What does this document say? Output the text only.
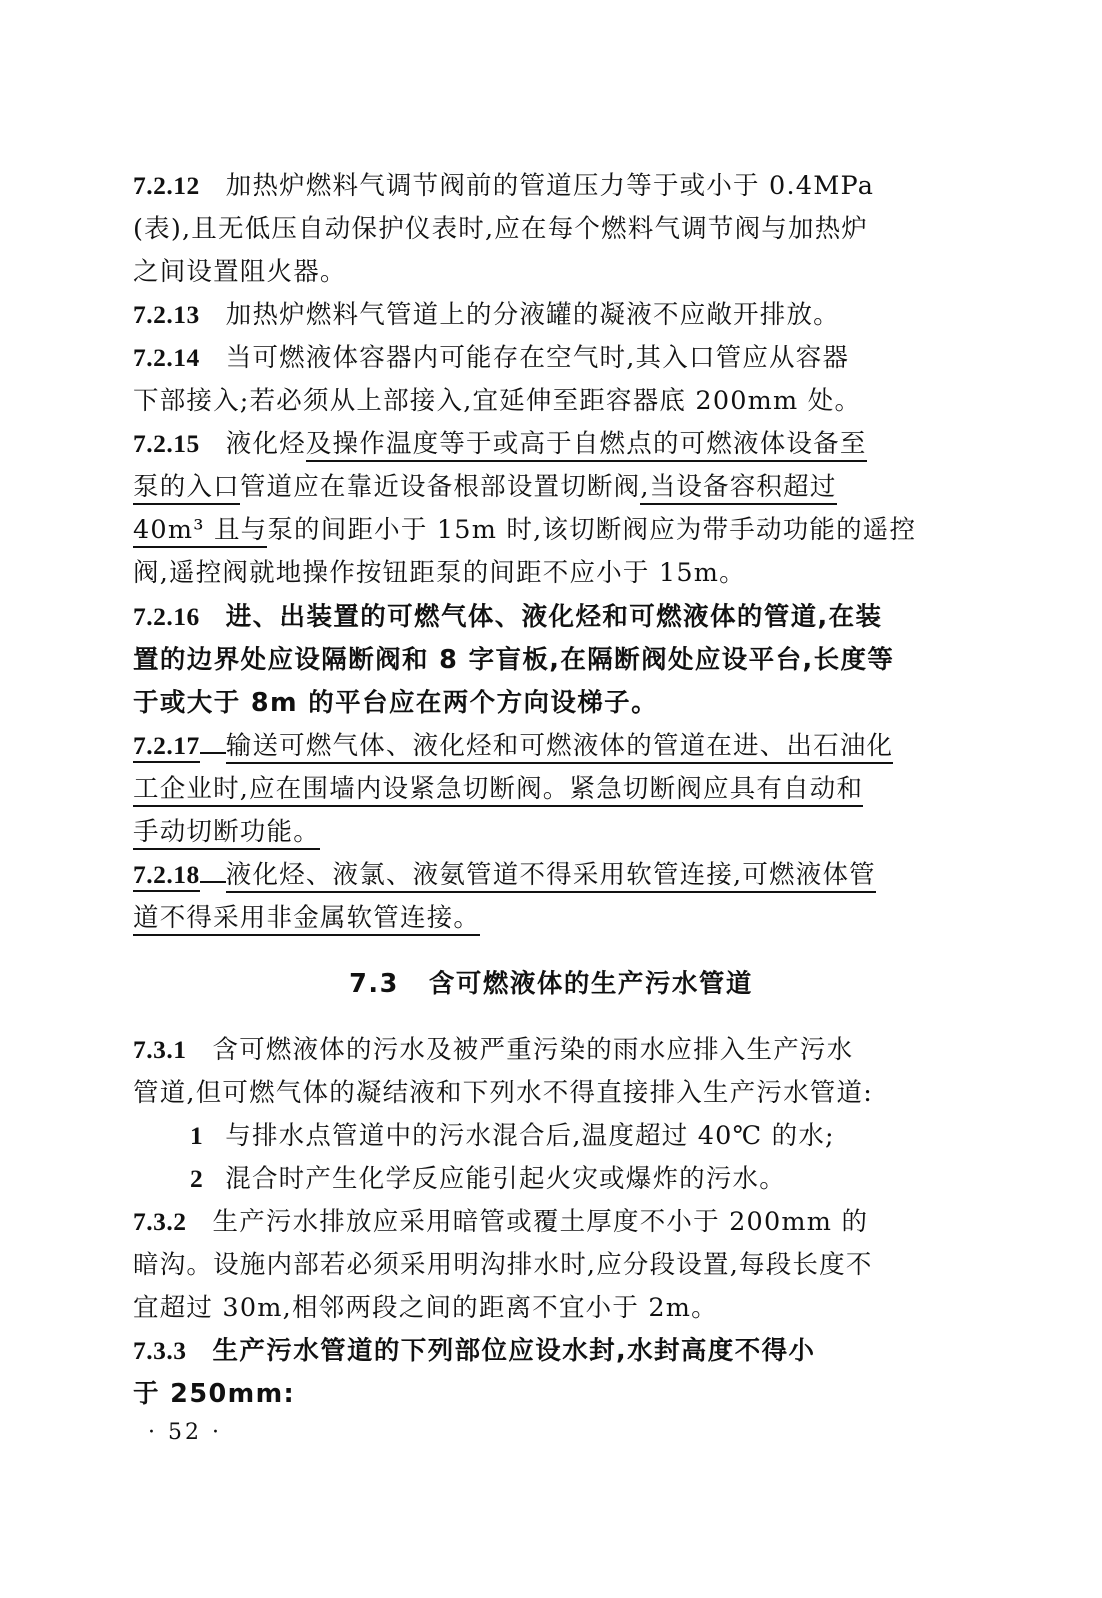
7.2.12 加热炉燃料气调节阀前的管道压力等于或小于 0.4MPa
(表),且无低压自动保护仪表时,应在每个燃料气调节阀与加热炉
之间设置阻火器。
7.2.13 加热炉燃料气管道上的分液罐的凝液不应敞开排放。
7.2.14 当可燃液体容器内可能存在空气时,其入口管应从容器
下部接入;若必须从上部接入,宜延伸至距容器底 200mm 处。
7.2.15 液化烃及操作温度等于或高于自燃点的可燃液体设备至
泵的入口管道应在靠近设备根部设置切断阀,当设备容积超过
40m³ 且与泵的间距小于 15m 时,该切断阀应为带手动功能的遥控
阀,遥控阀就地操作按钮距泵的间距不应小于 15m。
7.2.16 进、出装置的可燃气体、液化烃和可燃液体的管道,在装
置的边界处应设隔断阀和 8 字盲板,在隔断阀处应设平台,长度等
于或大于 8m 的平台应在两个方向设梯子。
7.2.17 输送可燃气体、液化烃和可燃液体的管道在进、出石油化
工企业时,应在围墙内设紧急切断阀。紧急切断阀应具有自动和
手动切断功能。
7.2.18 液化烃、液氯、液氨管道不得采用软管连接,可燃液体管
道不得采用非金属软管连接。
7.3 含可燃液体的生产污水管道
7.3.1 含可燃液体的污水及被严重污染的雨水应排入生产污水
管道,但可燃气体的凝结液和下列水不得直接排入生产污水管道:
1 与排水点管道中的污水混合后,温度超过 40℃ 的水;
2 混合时产生化学反应能引起火灾或爆炸的污水。
7.3.2 生产污水排放应采用暗管或覆土厚度不小于 200mm 的
暗沟。设施内部若必须采用明沟排水时,应分段设置,每段长度不
宜超过 30m,相邻两段之间的距离不宜小于 2m。
7.3.3 生产污水管道的下列部位应设水封,水封高度不得小
于 250mm:
· 52 ·
